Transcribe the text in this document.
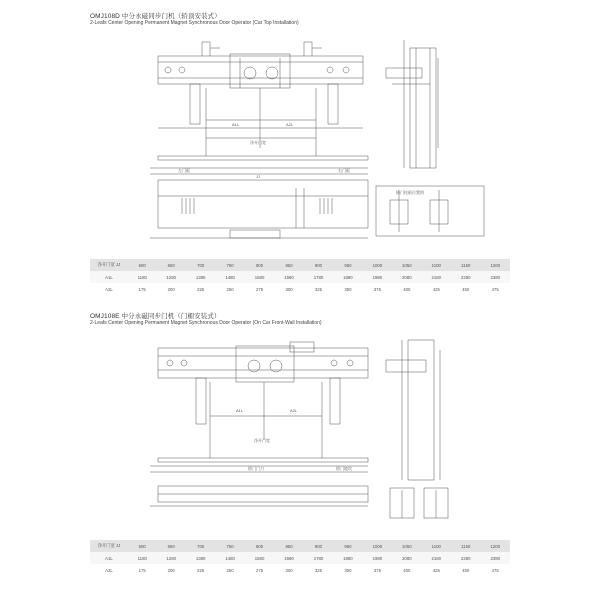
OMJ108D 中分永磁同步门机（轿顶安装式）
2-Leafs Center Opening Permanent Magnet Synchronous Door Operator (Car Top Installation)
A1L	A2L
净开门宽
左门板	右门板
JJ
轿门挂板位置图
净开门宽 JJ	600	650	700	750	800	850	900	950	1000	1050	1100	1150	1200
A1L	1180	1280	1380	1480	1580	1680	1780	1880	1980	2080	2180	2280	2380
A2L	175	200	225	250	275	300	325	350	375	400	425	450	475
OMJ108E 中分永磁同步门机（门楣安装式）
2-Leafs Center Opening Permanent Magnet Synchronous Door Operator (On Car Front-Wall Installation)
A1L	A2L
净开门宽
轿门门刀	轿门地坎
净开门宽 JJ	600	650	700	750	800	850	900	950	1000	1050	1100	1150	1200
A1L	1180	1280	1380	1480	1580	1680	1780	1880	1980	2080	2180	2280	2380
A2L	175	200	225	250	275	300	325	350	375	400	425	450	475
